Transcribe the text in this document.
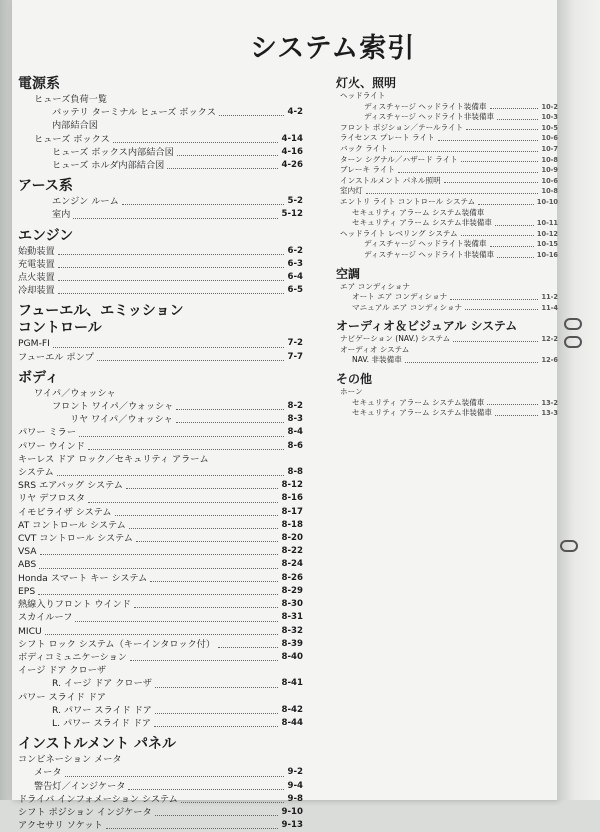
システム索引
電源系
ヒューズ負荷一覧
バッテリ ターミナル ヒューズ ボックス	4-2
内部結合図
ヒューズ ボックス	4-14
ヒューズ ボックス内部結合図	4-16
ヒューズ ホルダ内部結合図	4-26
アース系
エンジン ルーム	5-2
室内	5-12
エンジン
始動装置	6-2
充電装置	6-3
点火装置	6-4
冷却装置	6-5
フューエル、エミッション
コントロール
PGM-FI	7-2
フューエル ポンプ	7-7
ボディ
ワイパ／ウォッシャ
フロント ワイパ／ウォッシャ	8-2
リヤ ワイパ／ウォッシャ	8-3
パワー ミラー	8-4
パワー ウインド	8-6
キーレス ドア ロック／セキュリティ アラーム
システム	8-8
SRS エアバッグ システム	8-12
リヤ デフロスタ	8-16
イモビライザ システム	8-17
AT コントロール システム	8-18
CVT コントロール システム	8-20
VSA	8-22
ABS	8-24
Honda スマート キー システム	8-26
EPS	8-29
熱線入りフロント ウインド	8-30
スカイルーフ	8-31
MICU	8-32
シフト ロック システム（キーインタロック付）	8-39
ボディコミュニケーション	8-40
イージ ドア クローザ
R. イージ ドア クローザ	8-41
パワー スライド ドア
R. パワー スライド ドア	8-42
L. パワー スライド ドア	8-44
インストルメント パネル
コンビネーション メータ
メータ	9-2
警告灯／インジケータ	9-4
ドライバ インフォメーション システム	9-8
シフト ポジション インジケータ	9-10
アクセサリ ソケット	9-13
灯火、照明
ヘッドライト
ディスチャージ ヘッドライト装備車	10-2
ディスチャージ ヘッドライト非装備車	10-3
フロント ポジション／テールライト	10-5
ライセンス プレート ライト	10-6
バック ライト	10-7
ターン シグナル／ハザード ライト	10-8
ブレーキ ライト	10-9
インストルメント パネル照明	10-6
室内灯	10-8
エントリ ライト コントロール システム	10-10
セキュリティ アラーム システム装備車
セキュリティ アラーム システム非装備車	10-11
ヘッドライト レベリング システム	10-12
ディスチャージ ヘッドライト装備車	10-15
ディスチャージ ヘッドライト非装備車	10-16
空調
エア コンディショナ
オート エア コンディショナ	11-2
マニュアル エア コンディショナ	11-4
オーディオ＆ビジュアル システム
ナビゲーション (NAV.) システム	12-2
オーディオ システム
NAV. 非装備車	12-6
その他
ホーン
セキュリティ アラーム システム装備車	13-2
セキュリティ アラーム システム非装備車	13-3
